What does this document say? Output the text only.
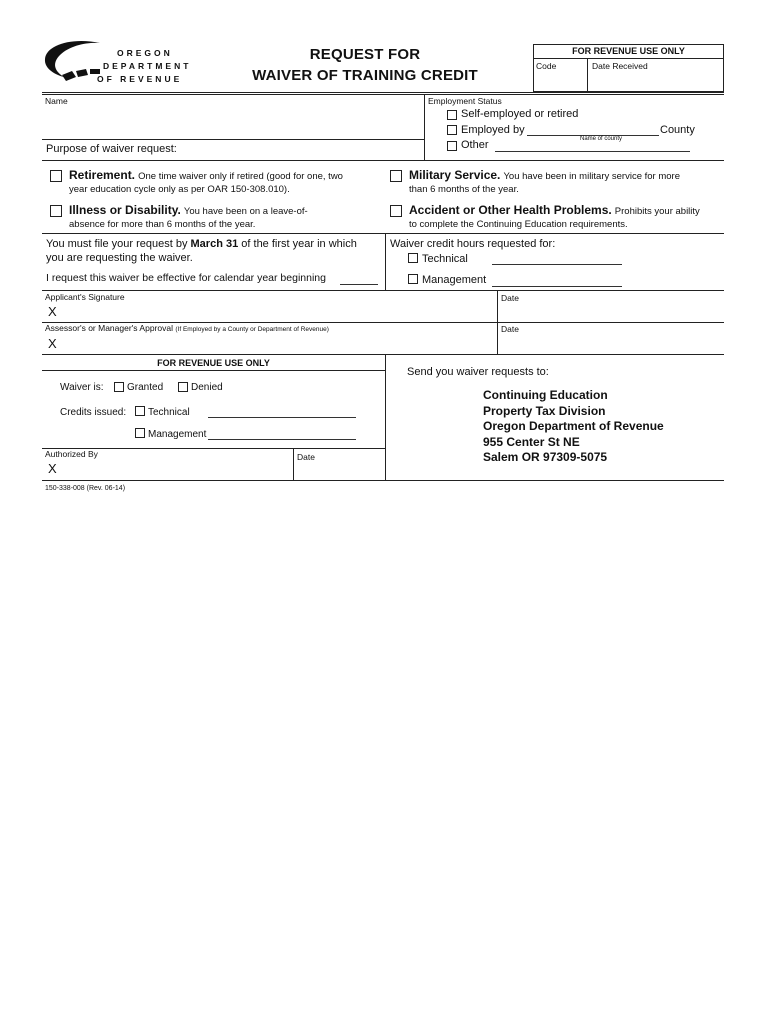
OREGON
DEPARTMENT
OF REVENUE
REQUEST FOR
WAIVER OF TRAINING CREDIT
FOR REVENUE USE ONLY
Code	Date Received
Name	Employment Status
Self-employed or retired
Employed by	County
Name of county
Other
Purpose of waiver request:
Retirement. One time waiver only if retired (good for one, two
year education cycle only as per OAR 150-308.010).
Military Service. You have been in military service for more
than 6 months of the year.
Illness or Disability. You have been on a leave-of-
absence for more than 6 months of the year.
Accident or Other Health Problems. Prohibits your ability
to complete the Continuing Education requirements.
You must file your request by March 31 of the first year in which
you are requesting the waiver.
I request this waiver be effective for calendar year beginning
Waiver credit hours requested for:
Technical
Management
Applicant's Signature
X
Date
Assessor's or Manager's Approval (If Employed by a County or Department of Revenue)
X
Date
FOR REVENUE USE ONLY
Waiver is: Granted	Denied
Credits issued: Technical
Management
Authorized By
X
Date
Send you waiver requests to:
Continuing Education
Property Tax Division
Oregon Department of Revenue
955 Center St NE
Salem OR 97309-5075
150-338-008 (Rev. 06-14)
